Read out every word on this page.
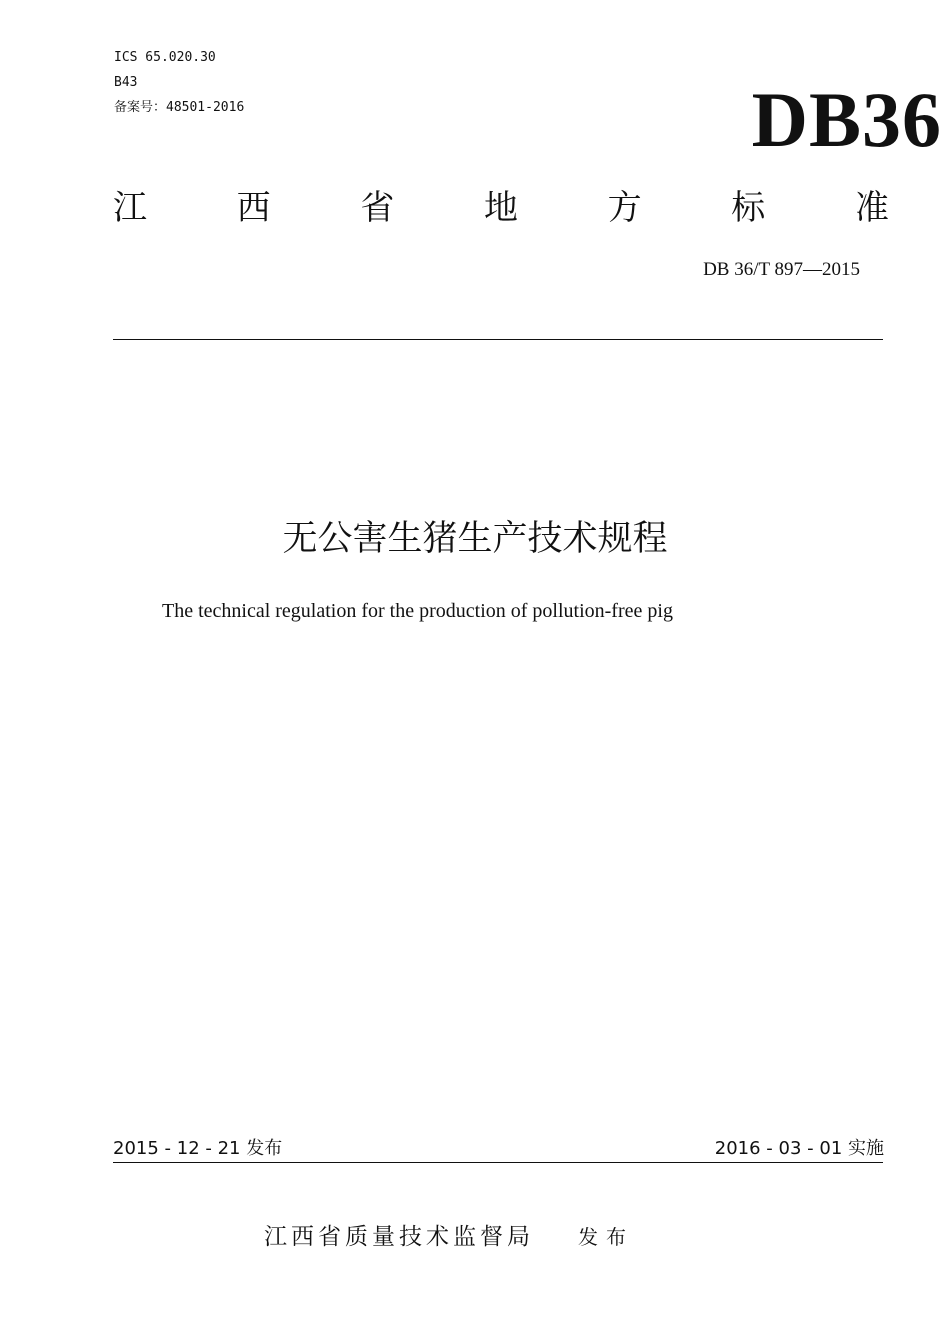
ICS 65.020.30
B43
备案号：48501-2016	DB36
江	西	省	地	方	标	准
DB 36/T 897—2015
无公害生猪生产技术规程
The technical regulation for the production of pollution-free pig
2015 - 12 - 21 发布	2016 - 03 - 01 实施
江西省质量技术监督局 发布
